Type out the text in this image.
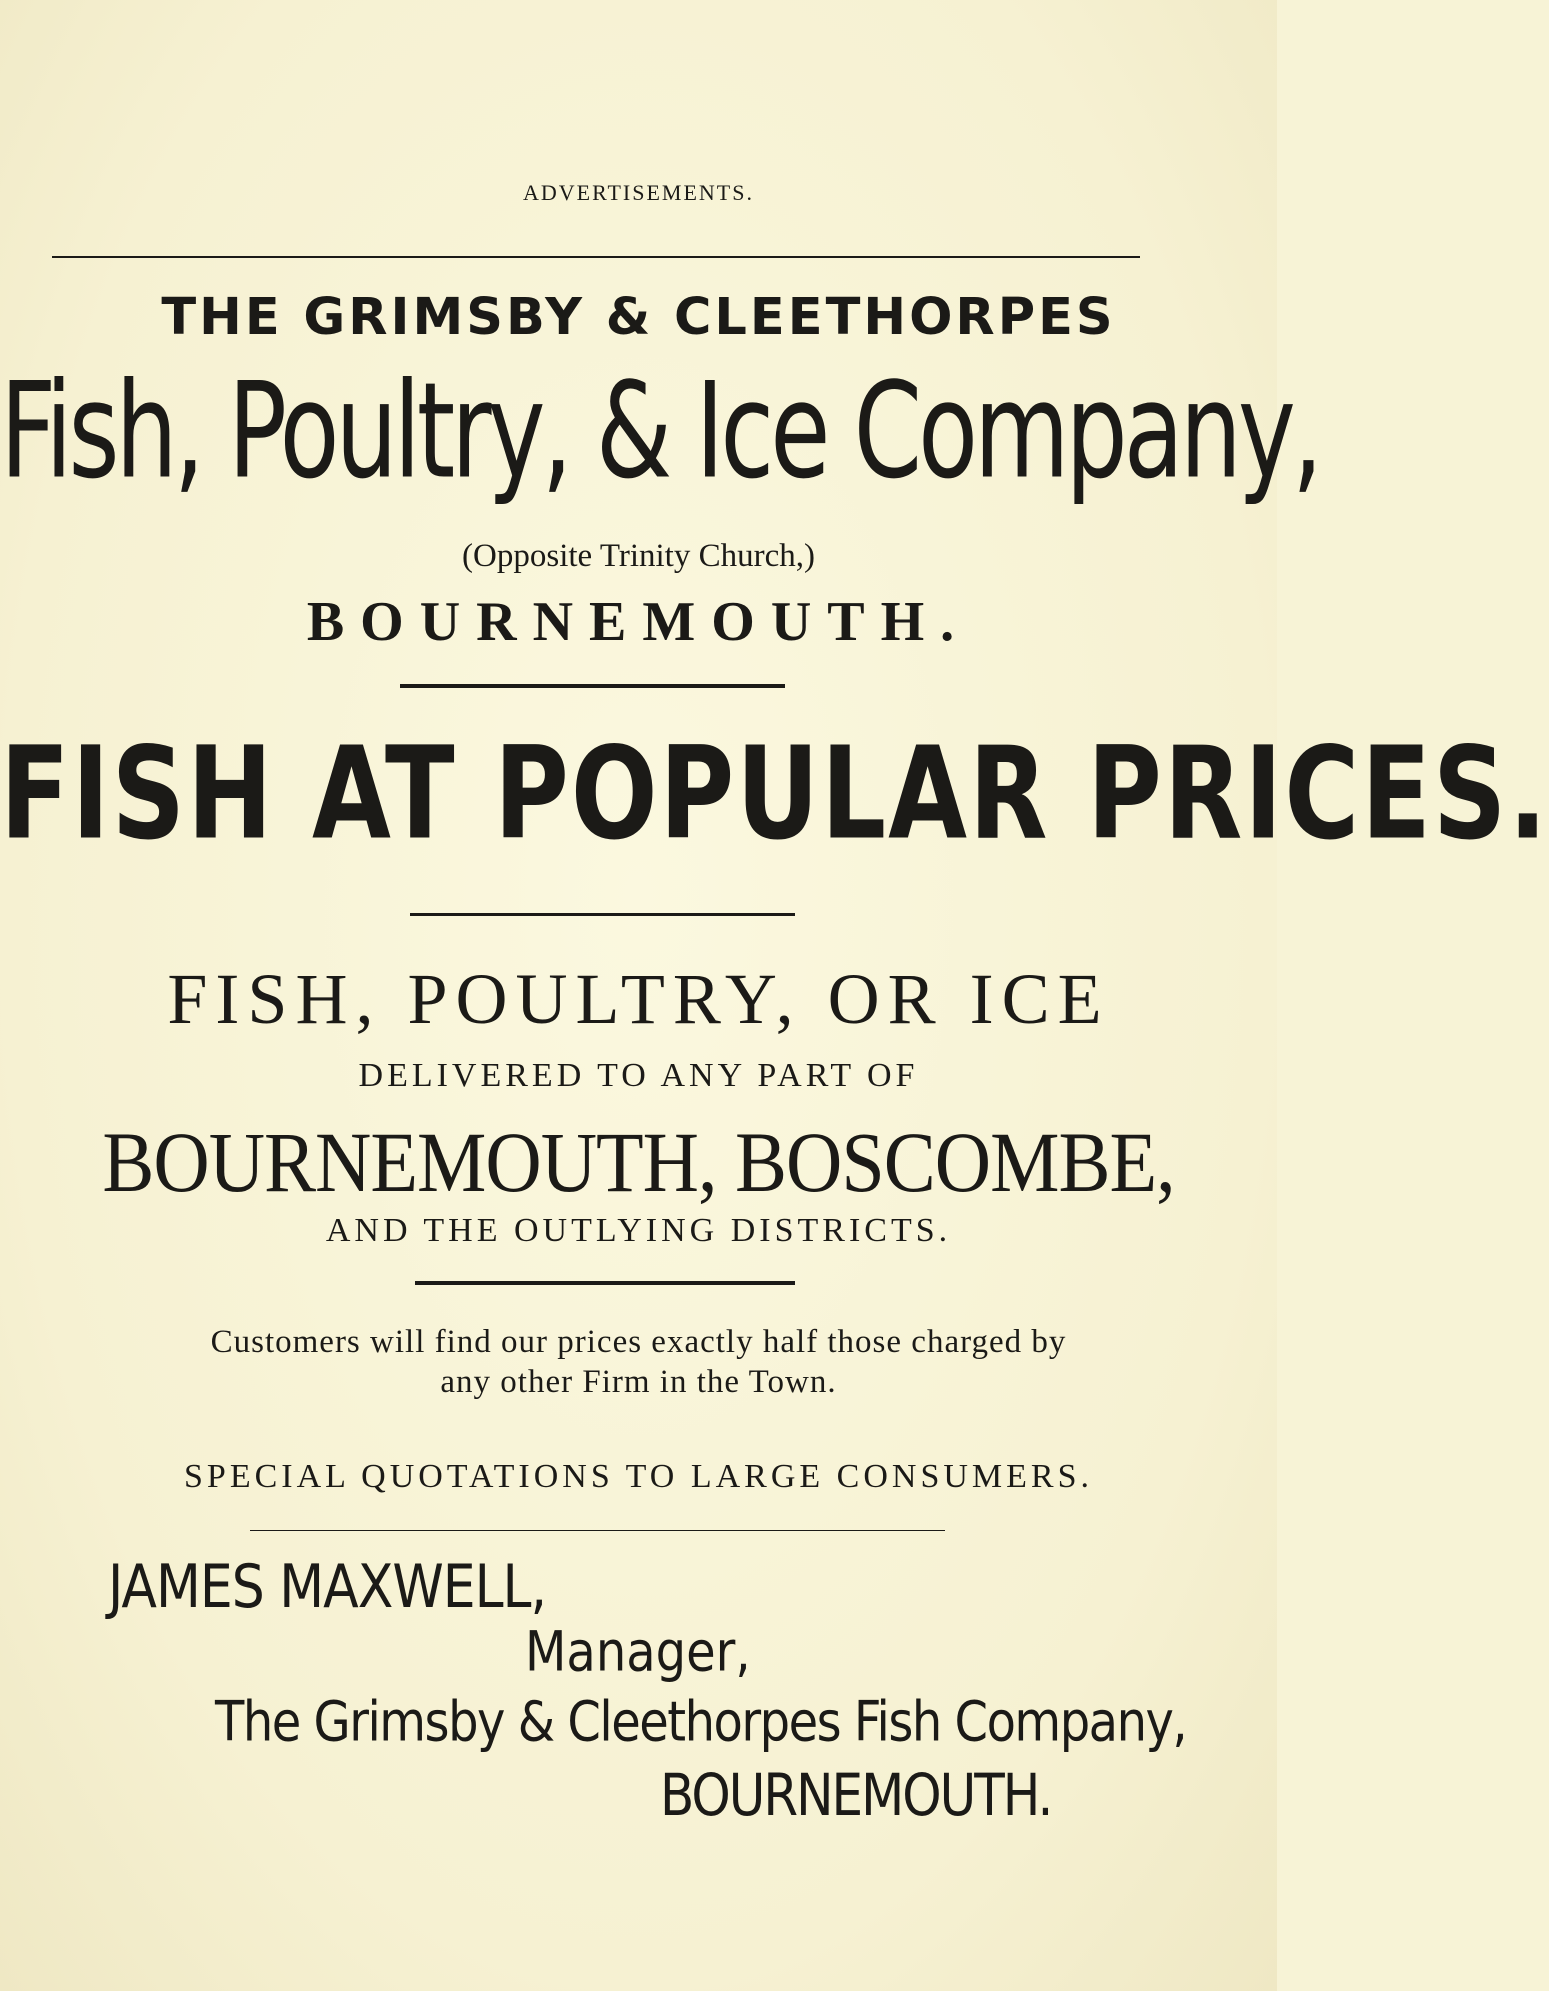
ADVERTISEMENTS.
THE GRIMSBY & CLEETHORPES
Fish, Poultry, & Ice Company,
(Opposite Trinity Church,)
BOURNEMOUTH.
FISH AT POPULAR PRICES.
FISH, POULTRY, OR ICE
DELIVERED TO ANY PART OF
BOURNEMOUTH, BOSCOMBE,
AND THE OUTLYING DISTRICTS.
Customers will find our prices exactly half those charged by
any other Firm in the Town.
SPECIAL QUOTATIONS TO LARGE CONSUMERS.
JAMES MAXWELL,
Manager,
The Grimsby & Cleethorpes Fish Company,
BOURNEMOUTH.
